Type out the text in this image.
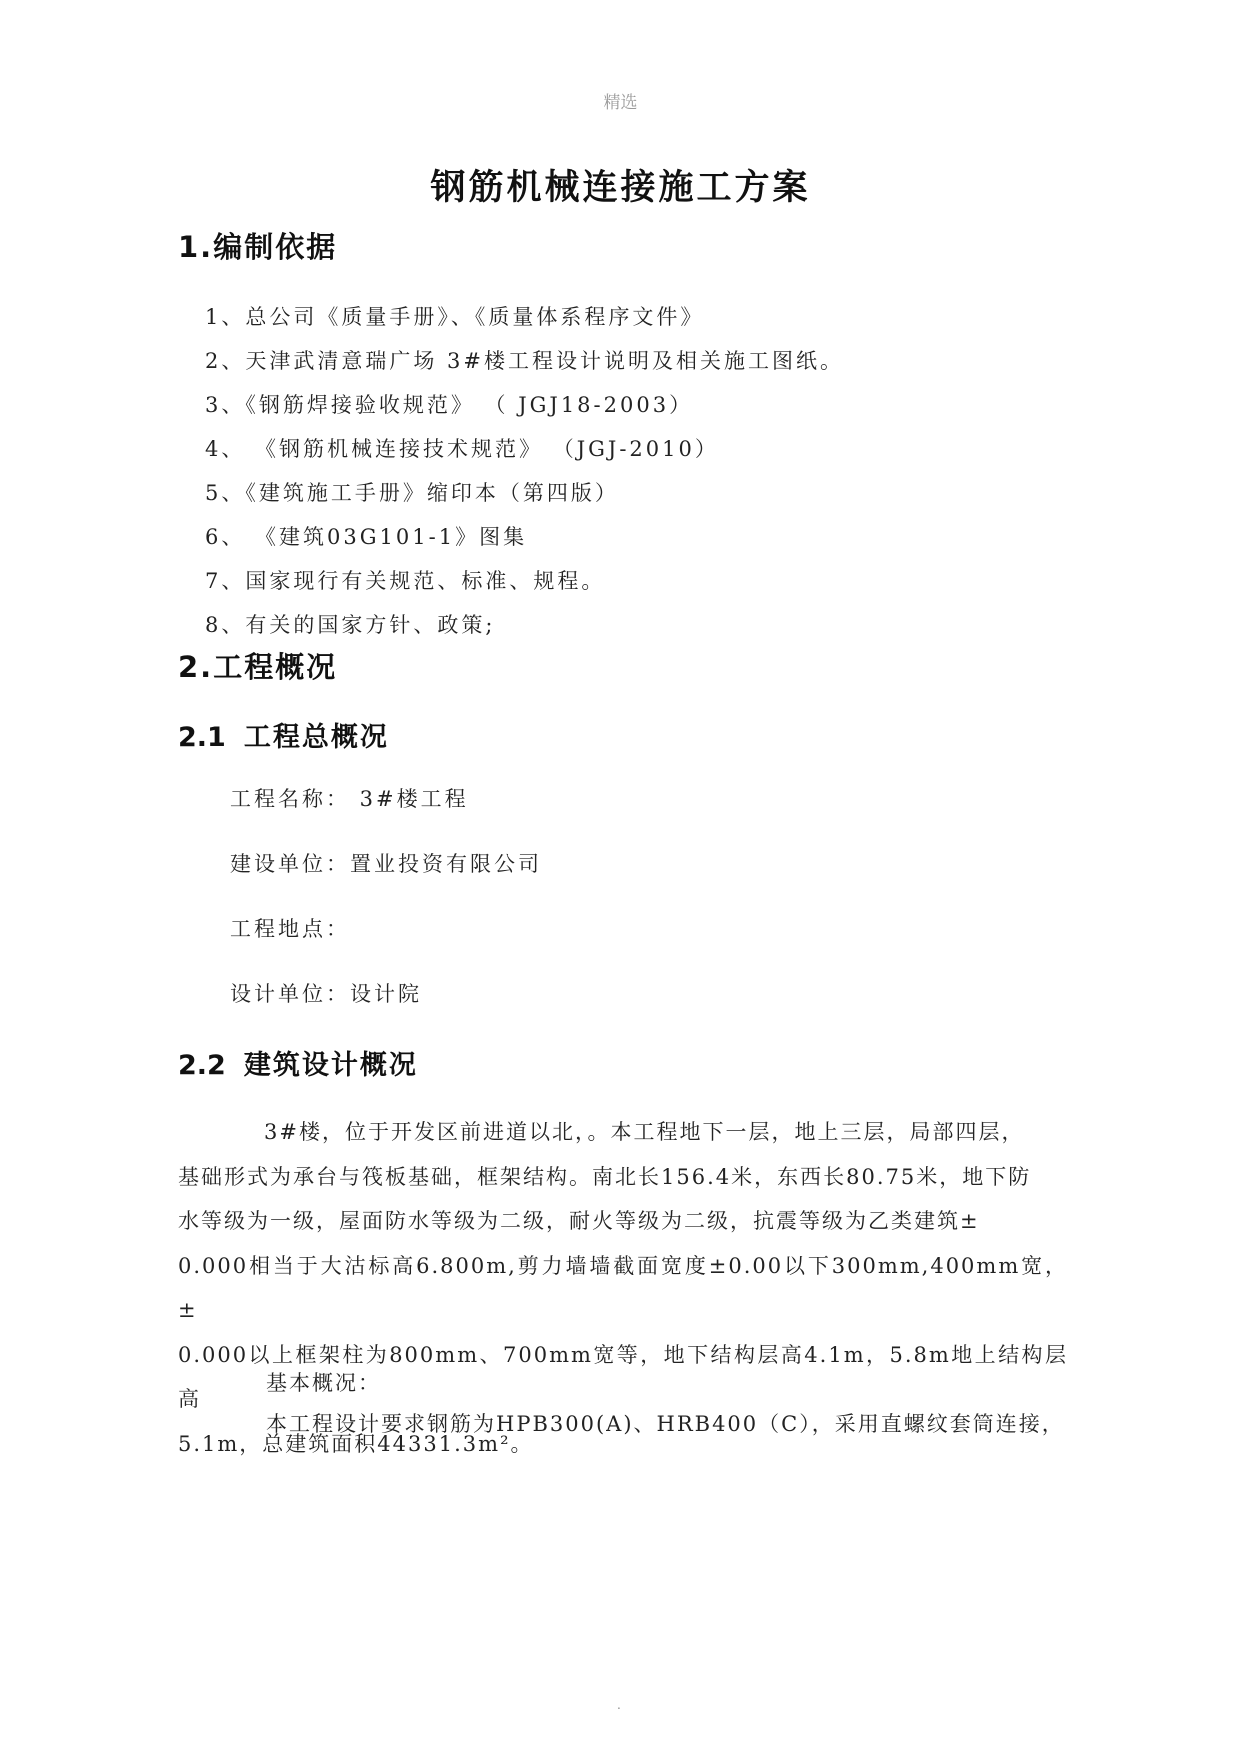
精选
钢筋机械连接施工方案
1.编制依据
1、总公司《质量手册》、《质量体系程序文件》
2、天津武清意瑞广场 3#楼工程设计说明及相关施工图纸。
3、《钢筋焊接验收规范》 （ JGJ18-2003）
4、 《钢筋机械连接技术规范》 （JGJ-2010）
5、《建筑施工手册》缩印本（第四版）
6、 《建筑03G101-1》图集
7、国家现行有关规范、标准、规程。
8、有关的国家方针、政策;
2.工程概况
2.1 工程总概况
工程名称： 3#楼工程
建设单位：置业投资有限公司
工程地点：
设计单位：设计院
2.2 建筑设计概况
3#楼，位于开发区前进道以北，。本工程地下一层，地上三层，局部四层，
基础形式为承台与筏板基础，框架结构。南北长156.4米，东西长80.75米，地下防
水等级为一级，屋面防水等级为二级，耐火等级为二级，抗震等级为乙类建筑±
0.000相当于大沽标高6.800m,剪力墙墙截面宽度±0.00以下300mm,400mm宽， ±
0.000以上框架柱为800mm、700mm宽等，地下结构层高4.1m，5.8m地上结构层高
5.1m，总建筑面积44331.3m²。
基本概况：
本工程设计要求钢筋为HPB300(A)、HRB400（C），采用直螺纹套筒连接，
.
